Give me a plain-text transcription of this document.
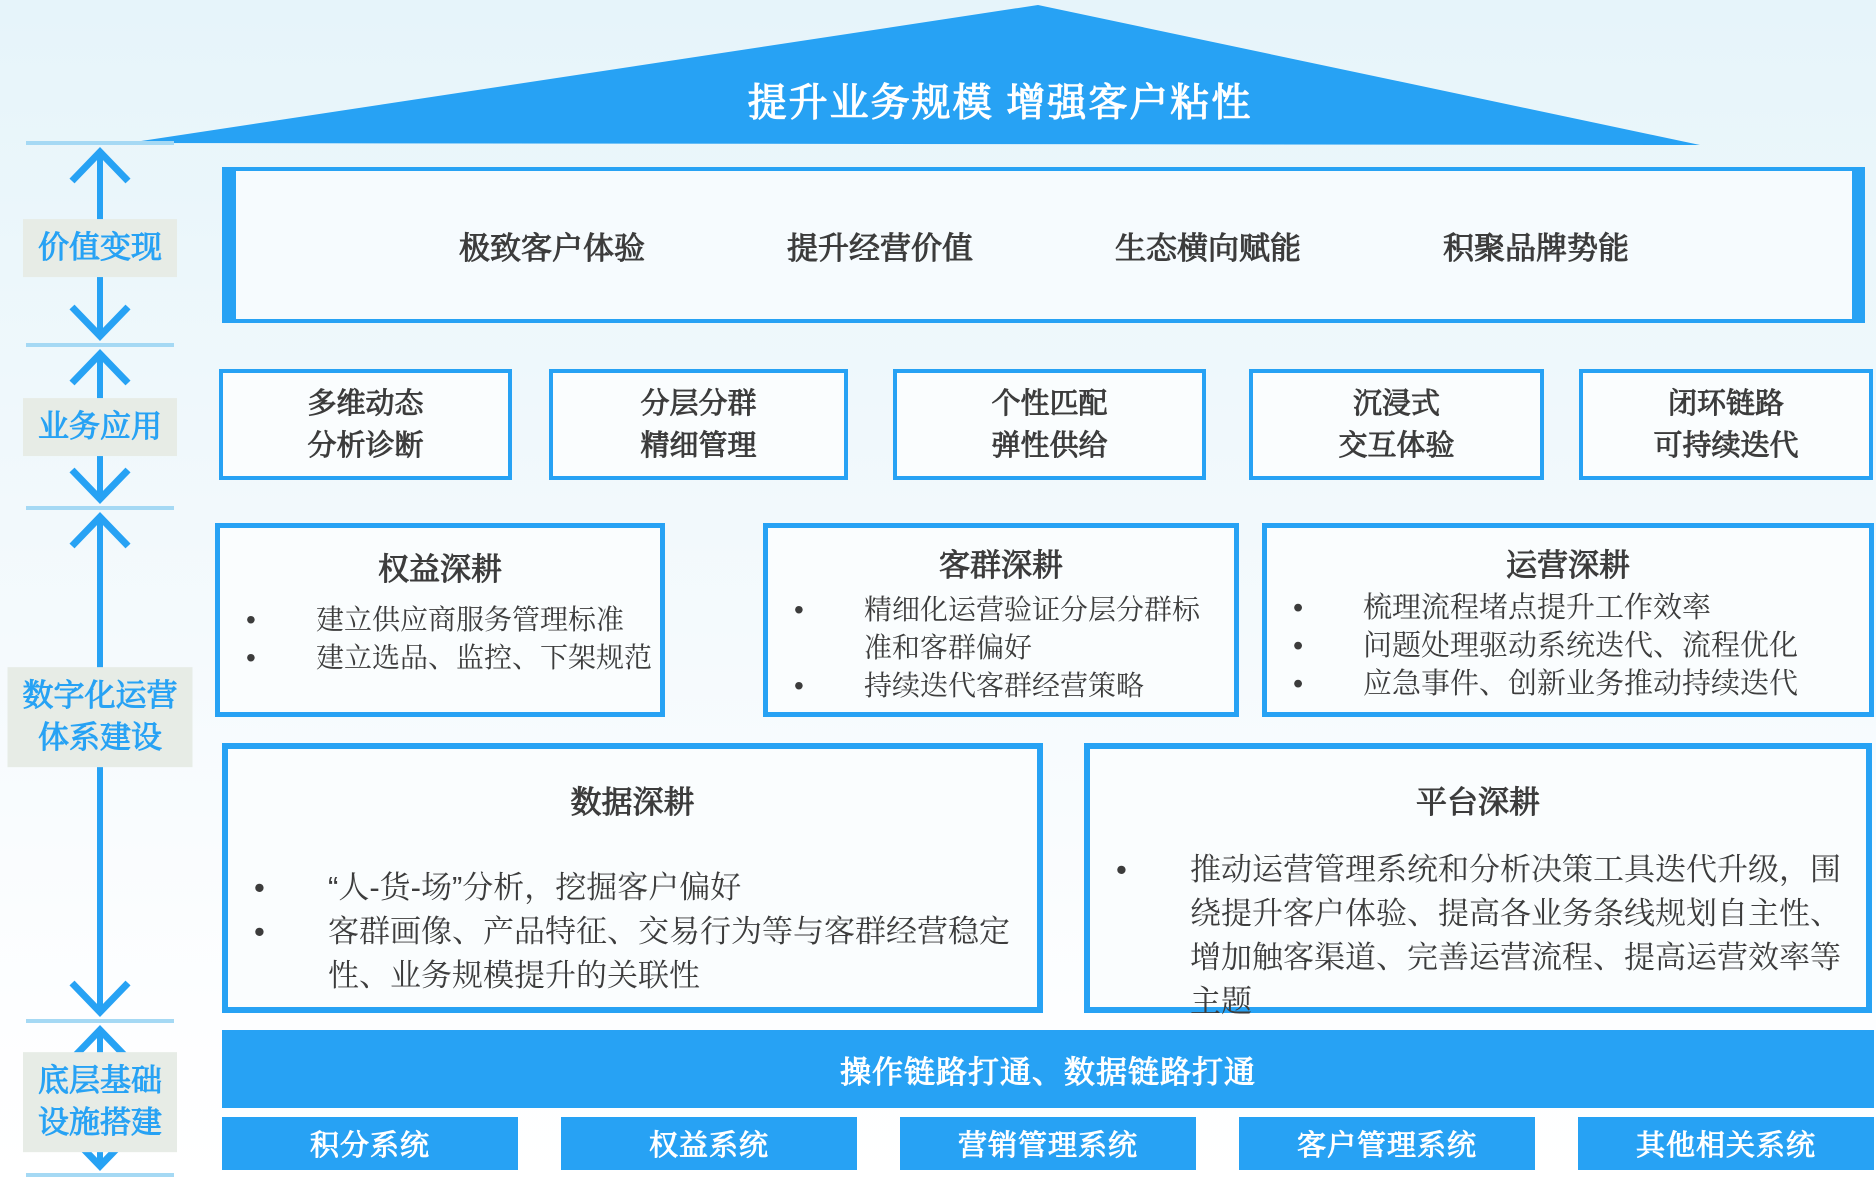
提升业务规模 增强客户粘性
价值变现
业务应用
数字化运营
体系建设
底层基础
设施搭建
极致客户体验	提升经营价值	生态横向赋能	积聚品牌势能
多维动态
分析诊断
分层分群
精细管理
个性匹配
弹性供给
沉浸式
交互体验
闭环链路
可持续迭代
权益深耕
•
建立供应商服务管理标准
•
建立选品、监控、下架规范
客群深耕
•
精细化运营验证分层分群标准和客群偏好
•
持续迭代客群经营策略
运营深耕
•
梳理流程堵点提升工作效率
•
问题处理驱动系统迭代、流程优化
•
应急事件、创新业务推动持续迭代
数据深耕
•
“人-货-场”分析，挖掘客户偏好
•
客群画像、产品特征、交易行为等与客群经营稳定性、业务规模提升的关联性
平台深耕
•
推动运营管理系统和分析决策工具迭代升级，围绕提升客户体验、提高各业务条线规划自主性、增加触客渠道、完善运营流程、提高运营效率等主题
操作链路打通、数据链路打通
积分系统	权益系统	营销管理系统	客户管理系统	其他相关系统
